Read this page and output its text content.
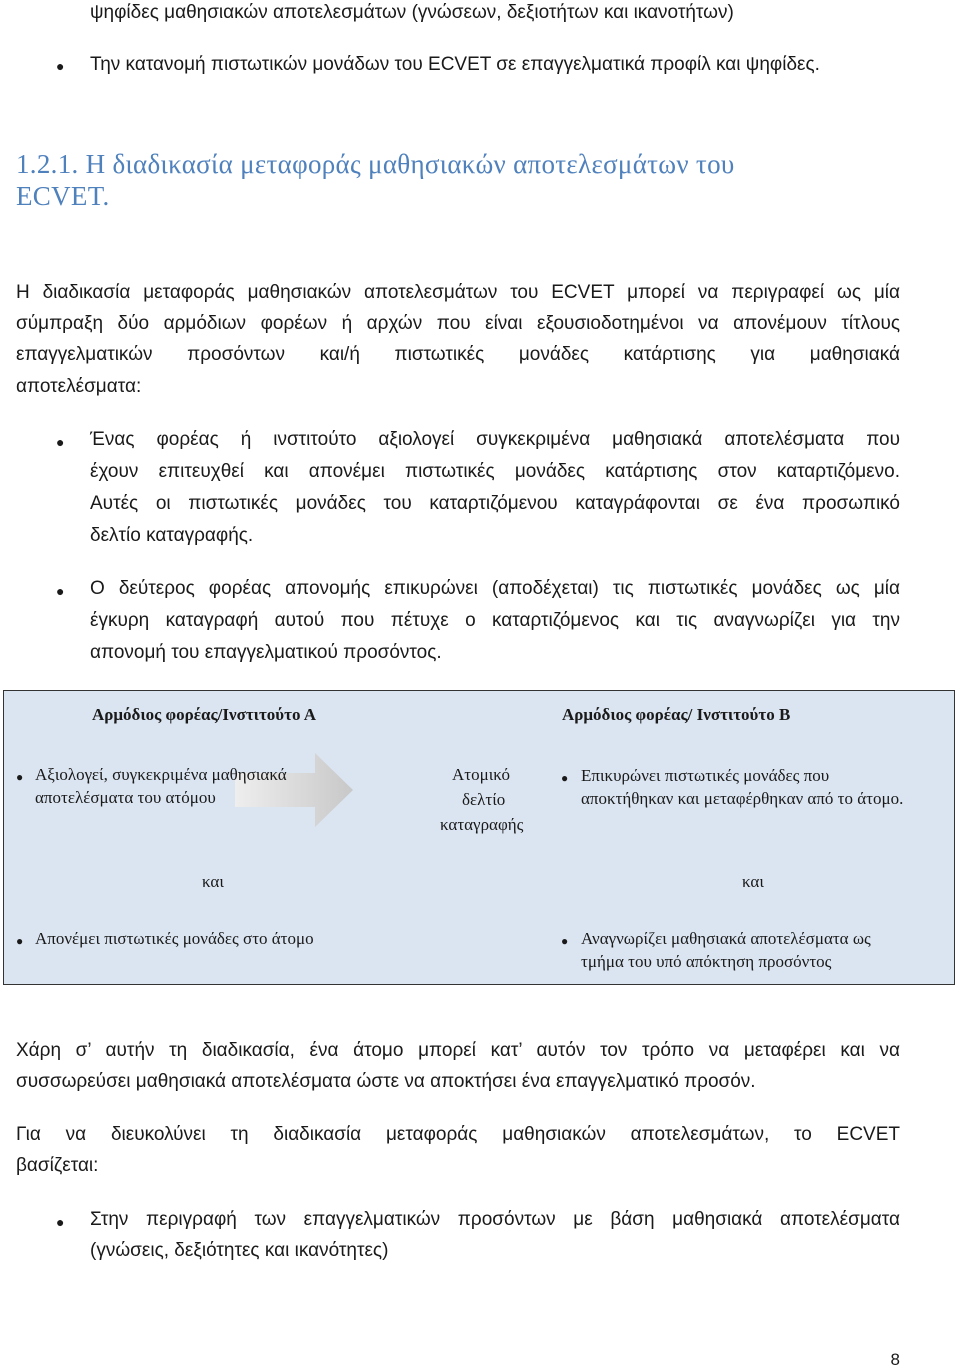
ψηφίδες μαθησιακών αποτελεσμάτων (γνώσεων, δεξιοτήτων και ικανοτήτων)
● Την κατανομή πιστωτικών μονάδων του ECVET σε επαγγελματικά προφίλ και ψηφίδες.
1.2.1. Η διαδικασία μεταφοράς μαθησιακών αποτελεσμάτων του
ECVET.
Η διαδικασία μεταφοράς μαθησιακών αποτελεσμάτων του ECVET μπορεί να περιγραφεί ως μία
σύμπραξη δύο αρμόδιων φορέων ή αρχών που είναι εξουσιοδοτημένοι να απονέμουν τίτλους
επαγγελματικών προσόντων και/ή πιστωτικές μονάδες κατάρτισης για μαθησιακά
αποτελέσματα:
● Ένας φορέας ή ινστιτούτο αξιολογεί συγκεκριμένα μαθησιακά αποτελέσματα που
έχουν επιτευχθεί και απονέμει πιστωτικές μονάδες κατάρτισης στον καταρτιζόμενο.
Αυτές οι πιστωτικές μονάδες του καταρτιζόμενου καταγράφονται σε ένα προσωπικό
δελτίο καταγραφής.
● Ο δεύτερος φορέας απονομής επικυρώνει (αποδέχεται) τις πιστωτικές μονάδες ως μία
έγκυρη καταγραφή αυτού που πέτυχε ο καταρτιζόμενος και τις αναγνωρίζει για την
απονομή του επαγγελματικού προσόντος.
Αρμόδιος φορέας/Ινστιτούτο Α	Αρμόδιος φορέας/ Ινστιτούτο Β
● Αξιολογεί, συγκεκριμένα μαθησιακά
αποτελέσματα του ατόμου
Ατομικό
δελτίο
καταγραφής
● Επικυρώνει πιστωτικές μονάδες που
αποκτήθηκαν και μεταφέρθηκαν από το άτομο.
και	και
● Απονέμει πιστωτικές μονάδες στο άτομο	● Αναγνωρίζει μαθησιακά αποτελέσματα ως
τμήμα του υπό απόκτηση προσόντος
Χάρη σ’ αυτήν τη διαδικασία, ένα άτομο μπορεί κατ’ αυτόν τον τρόπο να μεταφέρει και να
συσσωρεύσει μαθησιακά αποτελέσματα ώστε να αποκτήσει ένα επαγγελματικό προσόν.
Για να διευκολύνει τη διαδικασία μεταφοράς μαθησιακών αποτελεσμάτων, το ECVET
βασίζεται:
● Στην περιγραφή των επαγγελματικών προσόντων με βάση μαθησιακά αποτελέσματα
(γνώσεις, δεξιότητες και ικανότητες)
8
